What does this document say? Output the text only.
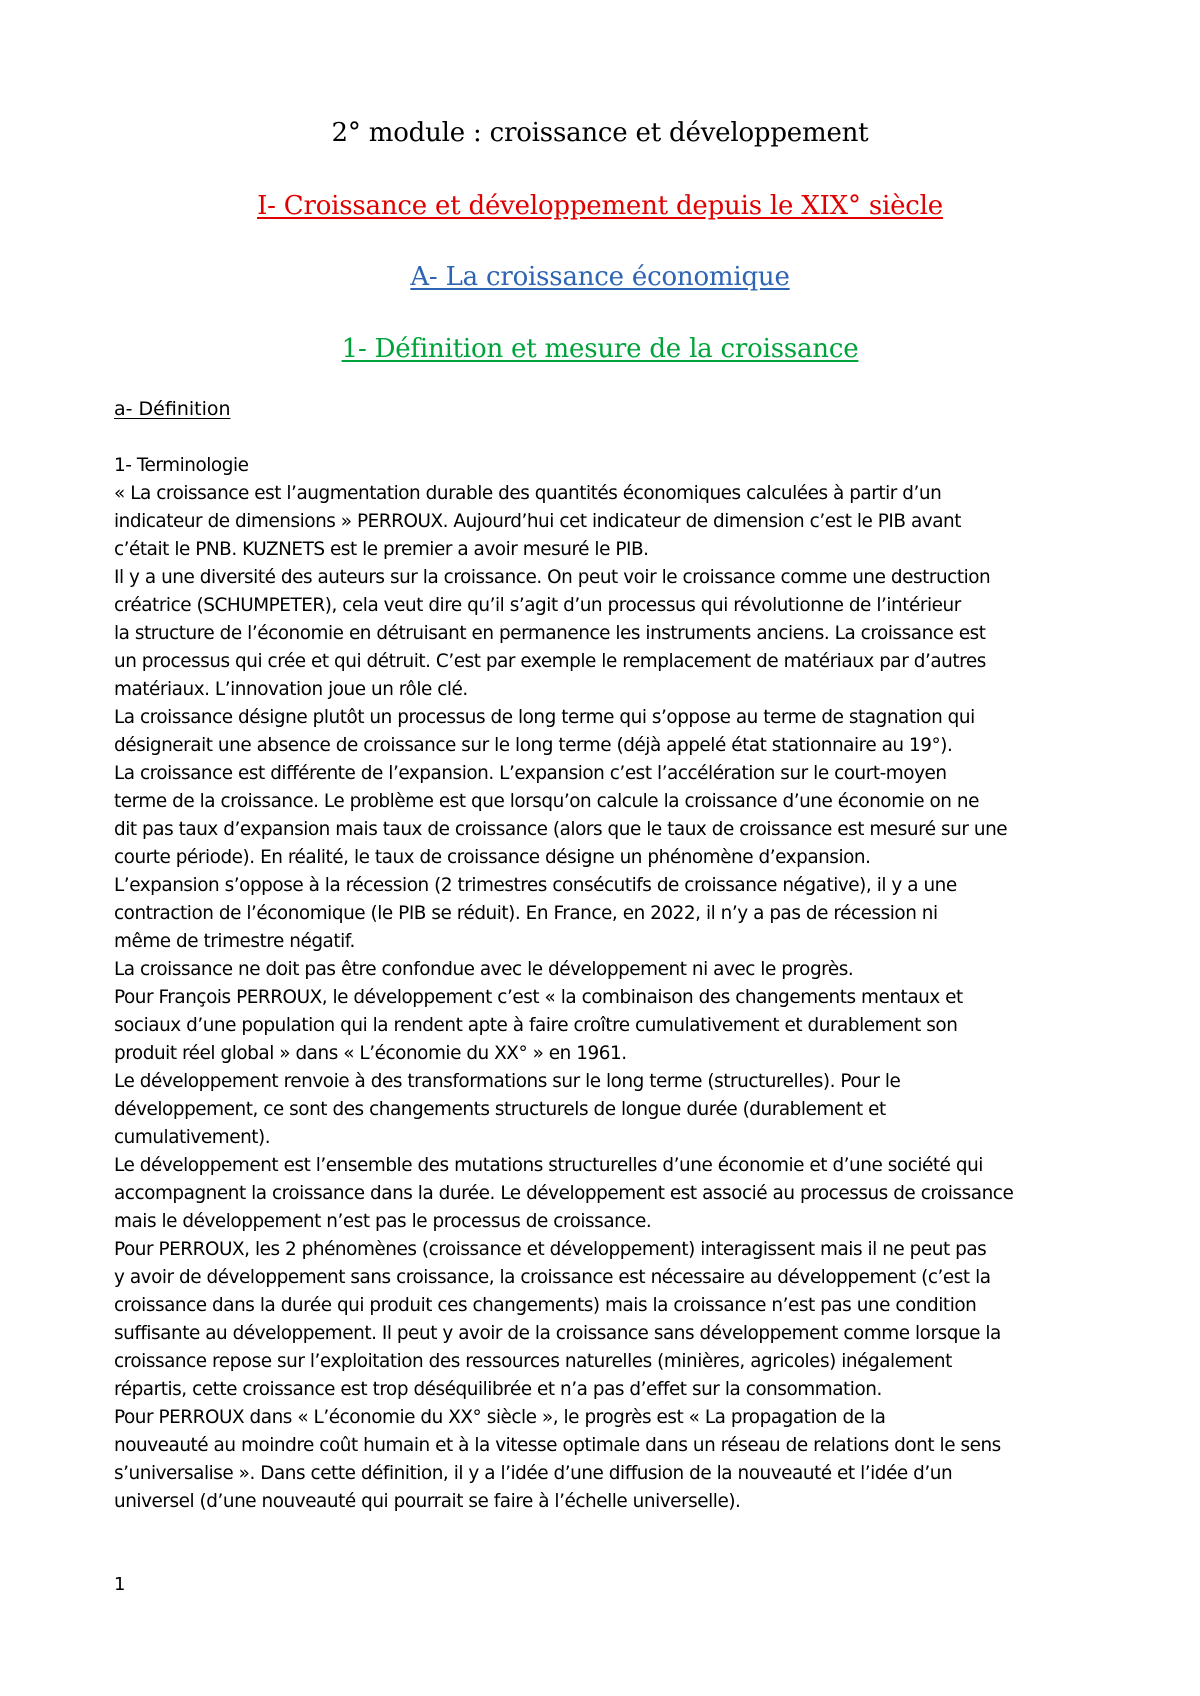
2° module : croissance et développement
I- Croissance et développement depuis le XIX° siècle
A- La croissance économique
1- Définition et mesure de la croissance
a- Définition
1- Terminologie
« La croissance est l’augmentation durable des quantités économiques calculées à partir d’un
indicateur de dimensions » PERROUX. Aujourd’hui cet indicateur de dimension c’est le PIB avant
c’était le PNB. KUZNETS est le premier a avoir mesuré le PIB.
Il y a une diversité des auteurs sur la croissance. On peut voir le croissance comme une destruction
créatrice (SCHUMPETER), cela veut dire qu’il s’agit d’un processus qui révolutionne de l’intérieur
la structure de l’économie en détruisant en permanence les instruments anciens. La croissance est
un processus qui crée et qui détruit. C’est par exemple le remplacement de matériaux par d’autres
matériaux. L’innovation joue un rôle clé.
La croissance désigne plutôt un processus de long terme qui s’oppose au terme de stagnation qui
désignerait une absence de croissance sur le long terme (déjà appelé état stationnaire au 19°).
La croissance est différente de l’expansion. L’expansion c’est l’accélération sur le court-moyen
terme de la croissance. Le problème est que lorsqu’on calcule la croissance d’une économie on ne
dit pas taux d’expansion mais taux de croissance (alors que le taux de croissance est mesuré sur une
courte période). En réalité, le taux de croissance désigne un phénomène d’expansion.
L’expansion s’oppose à la récession (2 trimestres consécutifs de croissance négative), il y a une
contraction de l’économique (le PIB se réduit). En France, en 2022, il n’y a pas de récession ni
même de trimestre négatif.
La croissance ne doit pas être confondue avec le développement ni avec le progrès.
Pour François PERROUX, le développement c’est « la combinaison des changements mentaux et
sociaux d’une population qui la rendent apte à faire croître cumulativement et durablement son
produit réel global » dans « L’économie du XX° » en 1961.
Le développement renvoie à des transformations sur le long terme (structurelles). Pour le
développement, ce sont des changements structurels de longue durée (durablement et
cumulativement).
Le développement est l’ensemble des mutations structurelles d’une économie et d’une société qui
accompagnent la croissance dans la durée. Le développement est associé au processus de croissance
mais le développement n’est pas le processus de croissance.
Pour PERROUX, les 2 phénomènes (croissance et développement) interagissent mais il ne peut pas
y avoir de développement sans croissance, la croissance est nécessaire au développement (c’est la
croissance dans la durée qui produit ces changements) mais la croissance n’est pas une condition
suffisante au développement. Il peut y avoir de la croissance sans développement comme lorsque la
croissance repose sur l’exploitation des ressources naturelles (minières, agricoles) inégalement
répartis, cette croissance est trop déséquilibrée et n’a pas d’effet sur la consommation.
Pour PERROUX dans « L’économie du XX° siècle », le progrès est « La propagation de la
nouveauté au moindre coût humain et à la vitesse optimale dans un réseau de relations dont le sens
s’universalise ». Dans cette définition, il y a l’idée d’une diffusion de la nouveauté et l’idée d’un
universel (d’une nouveauté qui pourrait se faire à l’échelle universelle).
1
